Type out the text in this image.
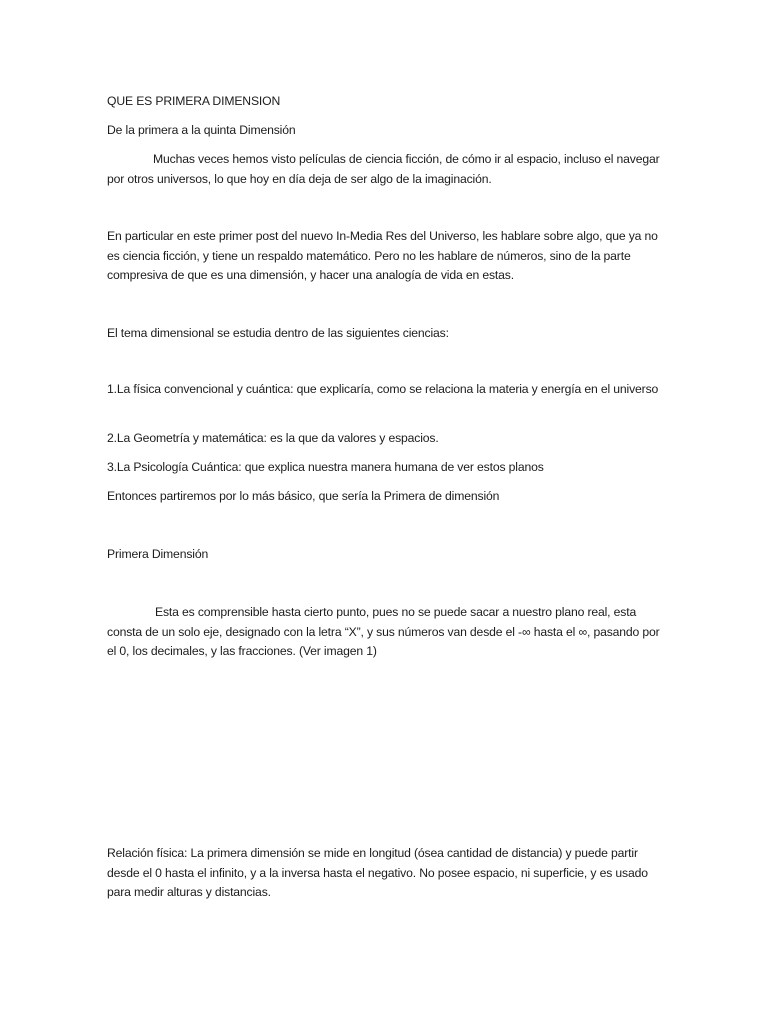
QUE ES PRIMERA DIMENSION

De la primera a la quinta Dimensión

Muchas veces hemos visto películas de ciencia ficción, de cómo ir al espacio, incluso el navegar por otros universos, lo que hoy en día deja de ser algo de la imaginación.

En particular en este primer post del nuevo In-Media Res del Universo, les hablare sobre algo, que ya no es ciencia ficción, y tiene un respaldo matemático. Pero no les hablare de números, sino de la parte compresiva de que es una dimensión, y hacer una analogía de vida en estas.

El tema dimensional se estudia dentro de las siguientes ciencias:

1.La física convencional y cuántica: que explicaría, como se relaciona la materia y energía en el universo

2.La Geometría y matemática: es la que da valores y espacios.

3.La Psicología Cuántica: que explica nuestra manera humana de ver estos planos

Entonces partiremos por lo más básico, que sería la Primera de dimensión

Primera Dimensión

Esta es comprensible hasta cierto punto, pues no se puede sacar a nuestro plano real, esta consta de un solo eje, designado con la letra “X”, y sus números van desde el -∞ hasta el ∞, pasando por el 0, los decimales, y las fracciones. (Ver imagen 1)

Relación física: La primera dimensión se mide en longitud (ósea cantidad de distancia) y puede partir desde el 0 hasta el infinito, y a la inversa hasta el negativo. No posee espacio, ni superficie, y es usado para medir alturas y distancias.
